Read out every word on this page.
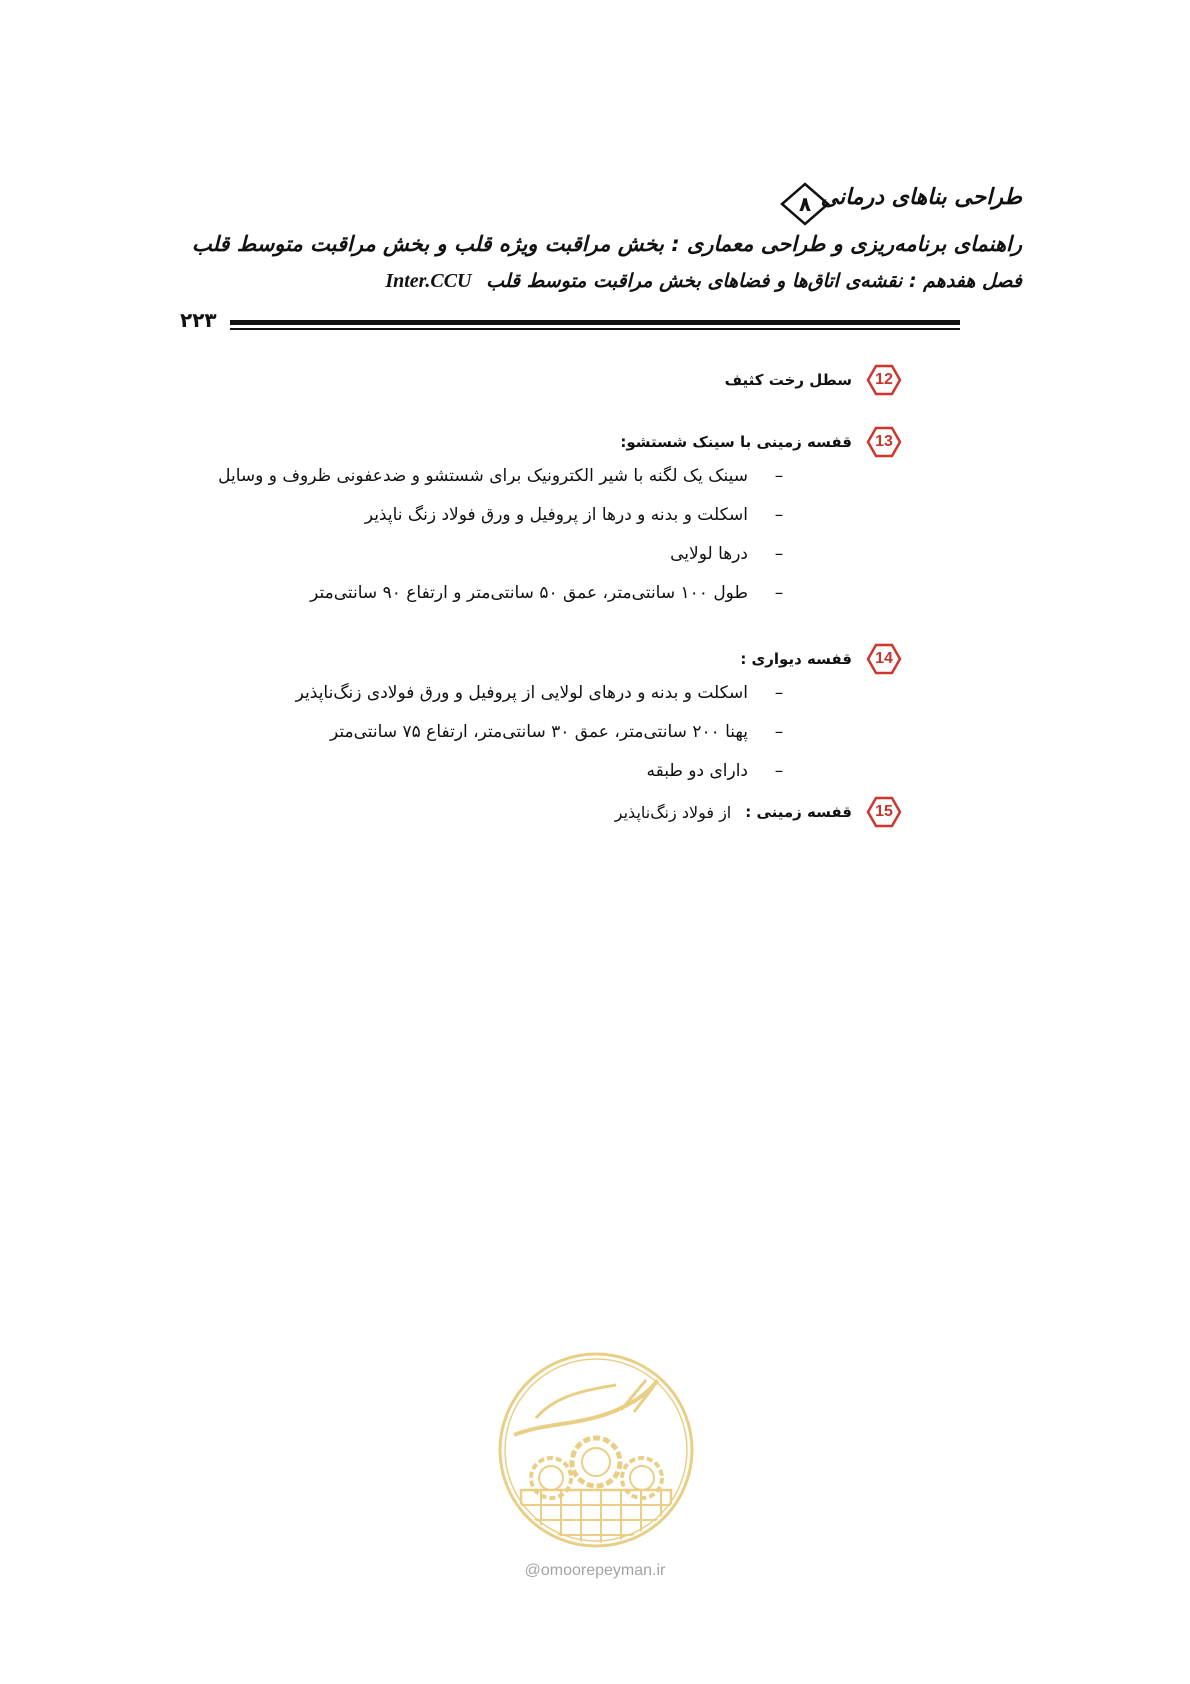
طراحی بناهای درمانی
۸
راهنمای برنامه‌ریزی و طراحی معماری : بخش مراقبت ویژه قلب و بخش مراقبت متوسط قلب
فصل هفدهم : نقشه‌ی اتاق‌ها و فضاهای بخش مراقبت متوسط قلب Inter.CCU
۲۲۳
12
سطل رخت کثیف
13
قفسه زمینی با سینک شستشو:
–
سینک یک لگنه با شیر الکترونیک برای شستشو و ضدعفونی ظروف و وسایل
–
اسکلت و بدنه و درها از پروفیل و ورق فولاد زنگ ناپذیر
–
درها لولایی
–
طول ۱۰۰ سانتی‌متر، عمق ۵۰ سانتی‌متر و ارتفاع ۹۰ سانتی‌متر
14
قفسه دیواری :
–
اسکلت و بدنه و درهای لولایی از پروفیل و ورق فولادی زنگ‌ناپذیر
–
پهنا ۲۰۰ سانتی‌متر، عمق ۳۰ سانتی‌متر، ارتفاع ۷۵ سانتی‌متر
–
دارای دو طبقه
15
قفسه زمینی :
از فولاد زنگ‌ناپذیر
@omoorepeyman.ir
